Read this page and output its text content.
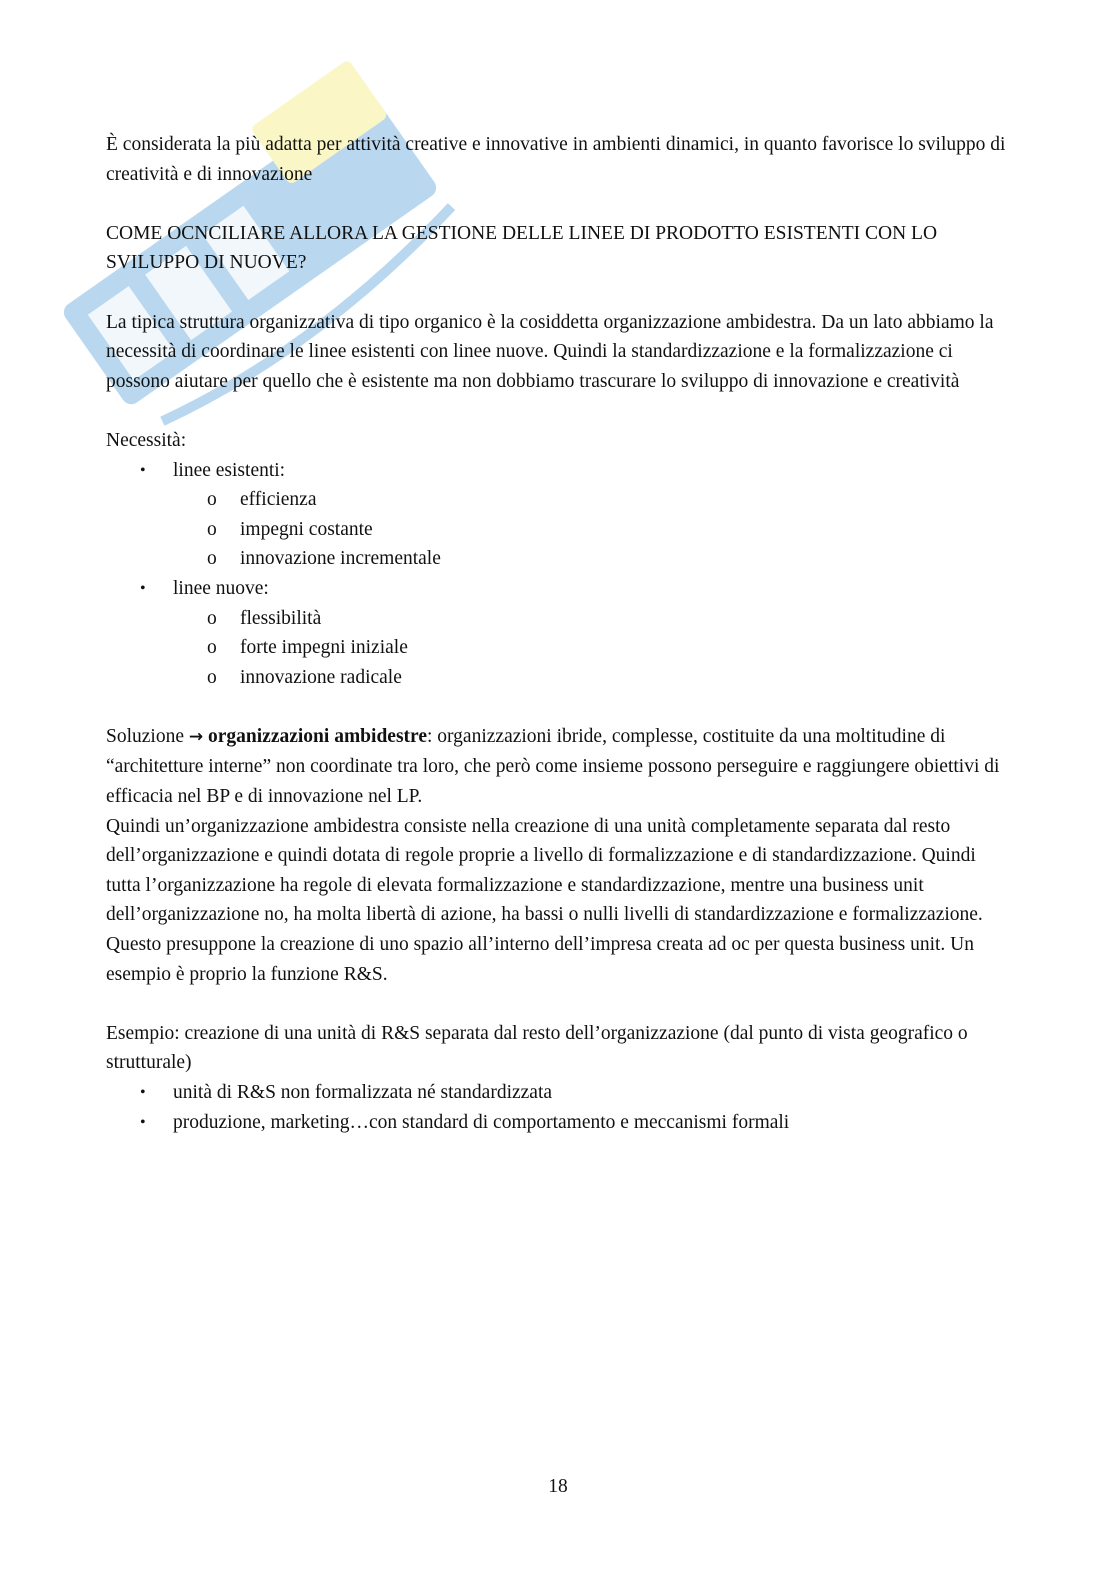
È considerata la più adatta per attività creative e innovative in ambienti dinamici, in quanto favorisce lo sviluppo di creatività e di innovazione

COME OCNCILIARE ALLORA LA GESTIONE DELLE LINEE DI PRODOTTO ESISTENTI CON LO SVILUPPO DI NUOVE?

La tipica struttura organizzativa di tipo organico è la cosiddetta organizzazione ambidestra. Da un lato abbiamo la necessità di coordinare le linee esistenti con linee nuove. Quindi la standardizzazione e la formalizzazione ci possono aiutare per quello che è esistente ma non dobbiamo trascurare lo sviluppo di innovazione e creatività

Necessità:

• linee esistenti:
o efficienza
o impegni costante
o innovazione incrementale
• linee nuove:
o flessibilità
o forte impegni iniziale
o innovazione radicale

Soluzione → organizzazioni ambidestre: organizzazioni ibride, complesse, costituite da una moltitudine di “architetture interne” non coordinate tra loro, che però come insieme possono perseguire e raggiungere obiettivi di efficacia nel BP e di innovazione nel LP.

Quindi un’organizzazione ambidestra consiste nella creazione di una unità completamente separata dal resto dell’organizzazione e quindi dotata di regole proprie a livello di formalizzazione e di standardizzazione. Quindi tutta l’organizzazione ha regole di elevata formalizzazione e standardizzazione, mentre una business unit dell’organizzazione no, ha molta libertà di azione, ha bassi o nulli livelli di standardizzazione e formalizzazione. Questo presuppone la creazione di uno spazio all’interno dell’impresa creata ad oc per questa business unit. Un esempio è proprio la funzione R&S.

Esempio: creazione di una unità di R&S separata dal resto dell’organizzazione (dal punto di vista geografico o strutturale)

• unità di R&S non formalizzata né standardizzata
• produzione, marketing…con standard di comportamento e meccanismi formali
18
